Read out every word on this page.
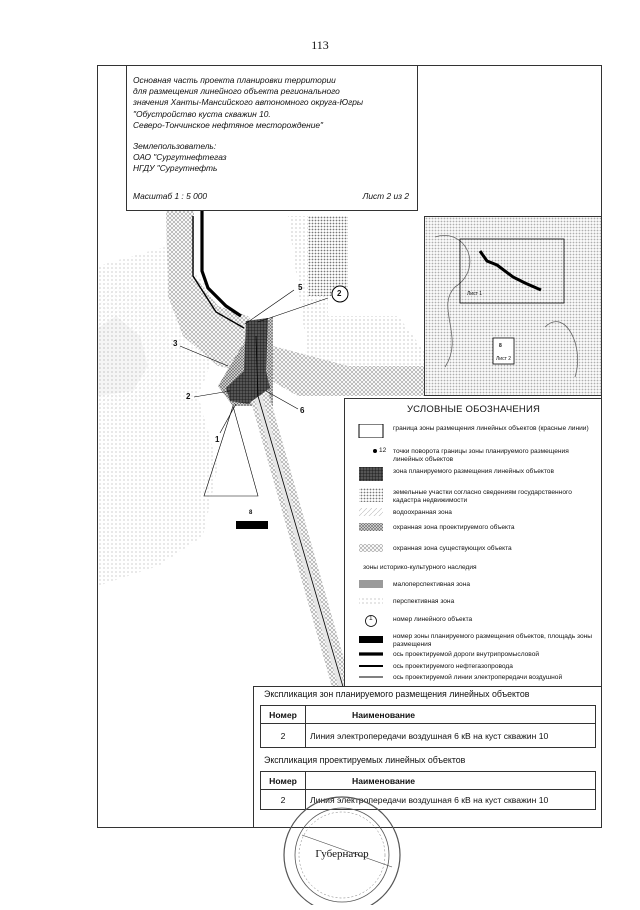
113
5
3
2
1
6
2
8
Основная часть проекта планировки территории
для размещения линейного объекта регионального
значения Ханты-Мансийского автономного округа-Югры
"Обустройство куста скважин 10.
Северо-Тончинское нефтяное месторождение"
Землепользователь:
ОАО "Сургутнефтегаз
НГДУ "Сургутнефть
Масштаб 1 : 5 000	Лист 2 из 2
Лист 1
8
Лист 2
УСЛОВНЫЕ ОБОЗНАЧЕНИЯ
граница зоны размещения линейных объектов (красные линии)
точки поворота границы зоны планируемого размещения линейных объектов
12
зона планируемого размещения линейных объектов
земельные участки согласно сведениям государственного кадастра недвижимости
водоохранная зона
охранная зона проектируемого объекта
охранная зона существующих объекта
зоны историко-культурного наследия
малоперспективная зона
перспективная зона
номер линейного объекта
1
номер зоны планируемого размещения объектов, площадь зоны размещения
ось проектируемой дороги внутрипромысловой
ось проектируемого нефтегазопровода
ось проектируемой линии электропередачи воздушной
Экспликация зон планируемого размещения линейных объектов
Номер	Наименование
2	Линия электропередачи воздушная 6 кВ на куст скважин 10
Экспликация проектируемых линейных объектов
Номер	Наименование
2	Линия электропередачи воздушная 6 кВ на куст скважин 10
Губернатор
